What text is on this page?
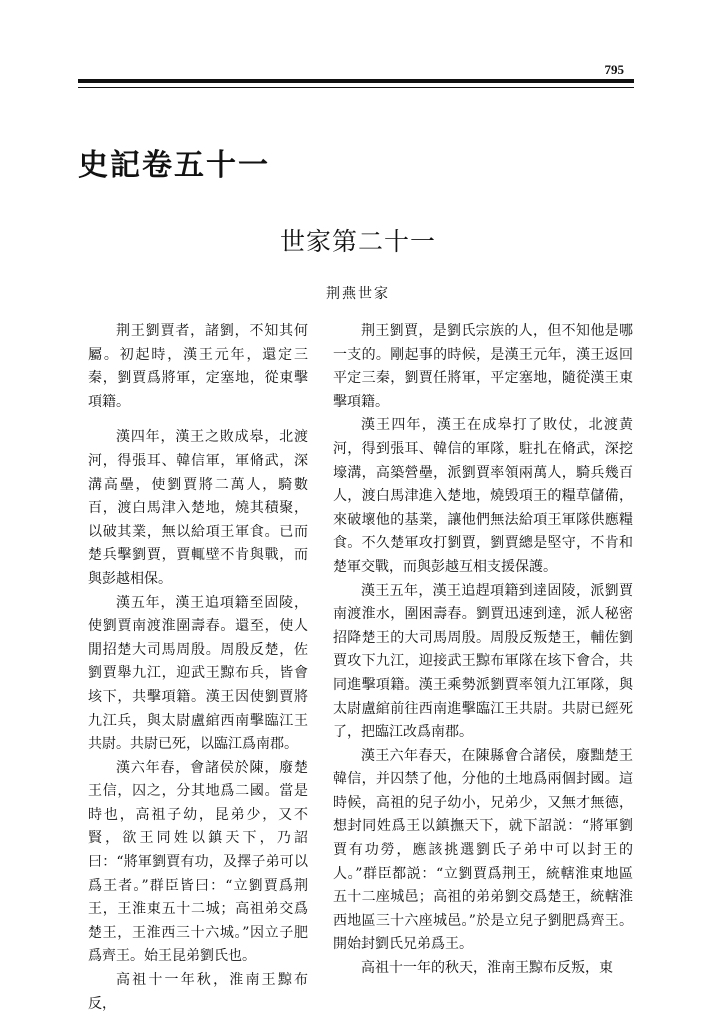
795
史記卷五十一
世家第二十一
荆燕世家

荆王劉賈者，諸劉，不知其何屬。初起時，漢王元年，還定三秦，劉賈爲將軍，定塞地，從東擊項籍。

漢四年，漢王之敗成皋，北渡河，得張耳、韓信軍，軍脩武，深溝高壘，使劉賈將二萬人，騎數百，渡白馬津入楚地，燒其積聚，以破其業，無以給項王軍食。已而楚兵擊劉賈，賈輒壁不肯與戰，而與彭越相保。

漢五年，漢王追項籍至固陵，使劉賈南渡淮圍壽春。還至，使人閒招楚大司馬周殷。周殷反楚，佐劉賈舉九江，迎武王黥布兵，皆會垓下，共擊項籍。漢王因使劉賈將九江兵，與太尉盧綰西南擊臨江王共尉。共尉已死，以臨江爲南郡。

漢六年春，會諸侯於陳，廢楚王信，囚之，分其地爲二國。當是時也，高祖子幼，昆弟少，又不賢，欲王同姓以鎮天下，乃詔曰：“將軍劉賈有功，及擇子弟可以爲王者。”群臣皆曰：“立劉賈爲荆王，王淮東五十二城；高祖弟交爲楚王，王淮西三十六城。”因立子肥爲齊王。始王昆弟劉氏也。

高祖十一年秋，淮南王黥布反，

荆王劉賈，是劉氏宗族的人，但不知他是哪一支的。剛起事的時候，是漢王元年，漢王返回平定三秦，劉賈任將軍，平定塞地，隨從漢王東擊項籍。

漢王四年，漢王在成皋打了敗仗，北渡黄河，得到張耳、韓信的軍隊，駐扎在脩武，深挖壕溝，高築營壘，派劉賈率領兩萬人，騎兵幾百人，渡白馬津進入楚地，燒毁項王的糧草儲備，來破壞他的基業，讓他們無法給項王軍隊供應糧食。不久楚軍攻打劉賈，劉賈總是堅守，不肯和楚軍交戰，而與彭越互相支援保護。

漢王五年，漢王追趕項籍到達固陵，派劉賈南渡淮水，圍困壽春。劉賈迅速到達，派人秘密招降楚王的大司馬周殷。周殷反叛楚王，輔佐劉賈攻下九江，迎接武王黥布軍隊在垓下會合，共同進擊項籍。漢王乘勢派劉賈率領九江軍隊，與太尉盧綰前往西南進擊臨江王共尉。共尉已經死了，把臨江改爲南郡。

漢王六年春天，在陳縣會合諸侯，廢黜楚王韓信，并囚禁了他，分他的土地爲兩個封國。這時候，高祖的兒子幼小，兄弟少，又無才無德，想封同姓爲王以鎮撫天下，就下詔説：“將軍劉賈有功勞，應該挑選劉氏子弟中可以封王的人。”群臣都説：“立劉賈爲荆王，統轄淮東地區五十二座城邑；高祖的弟弟劉交爲楚王，統轄淮西地區三十六座城邑。”於是立兒子劉肥爲齊王。開始封劉氏兄弟爲王。

高祖十一年的秋天，淮南王黥布反叛，東
